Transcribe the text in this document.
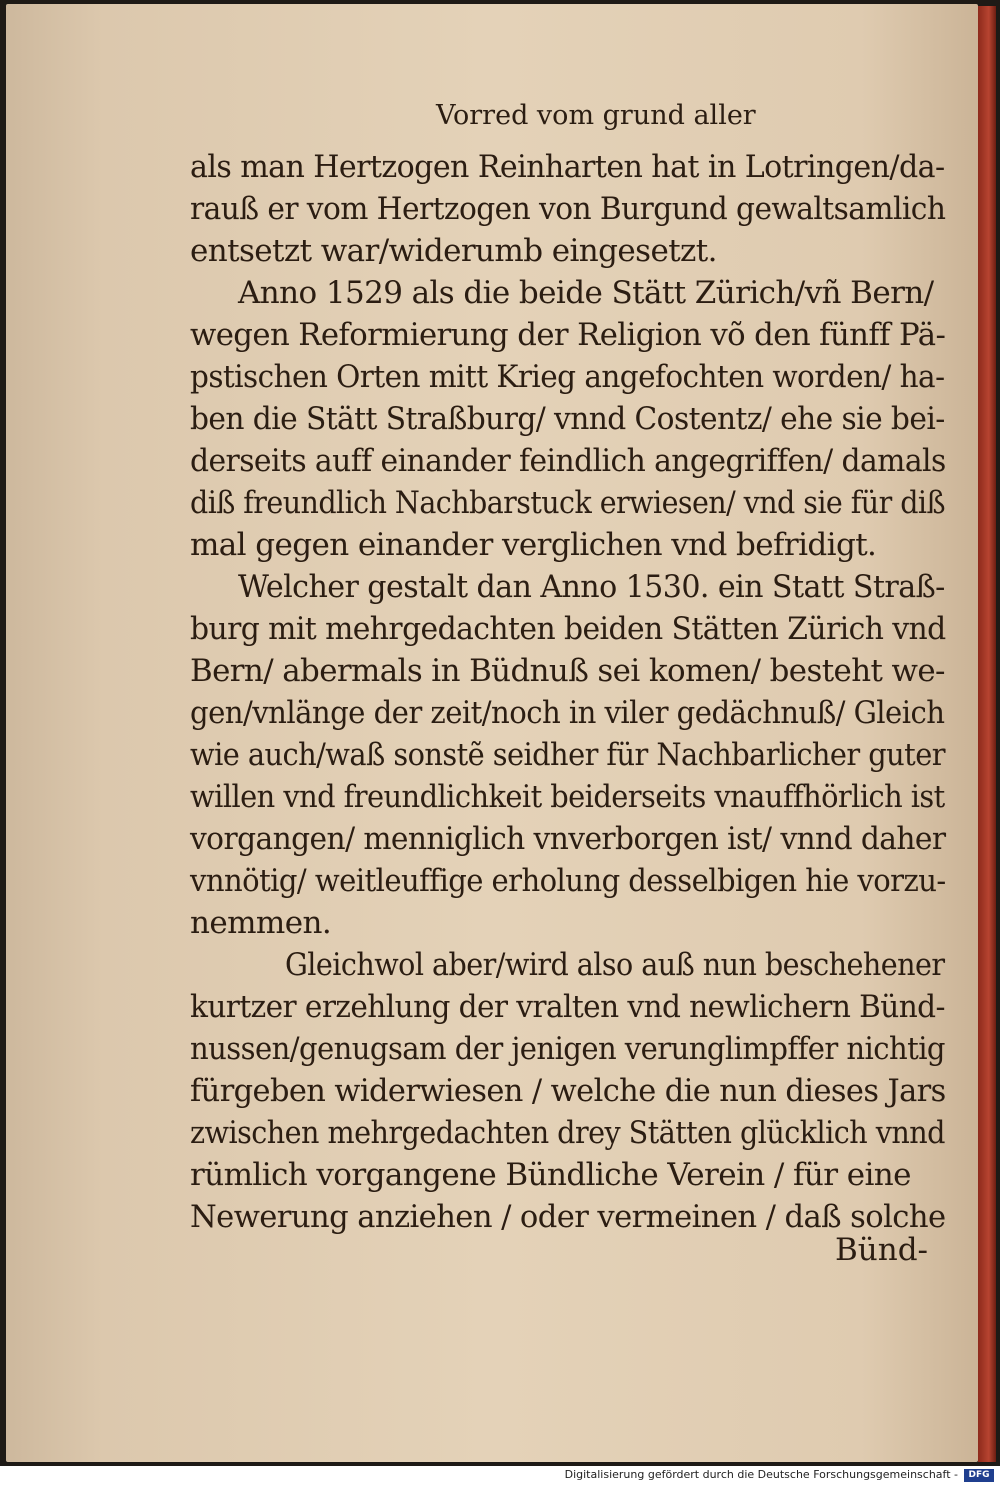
Vorred vom grund aller
als man Hertzogen Reinharten hat in Lotringen/da-
rauß er vom Hertzogen von Burgund gewaltsamlich
entsetzt war/widerumb eingesetzt.
Anno 1529 als die beide Stätt Zürich/vñ Bern/
wegen Reformierung der Religion võ den fünff Pä-
pstischen Orten mitt Krieg angefochten worden/ ha-
ben die Stätt Straßburg/ vnnd Costentz/ ehe sie bei-
derseits auff einander feindlich angegriffen/ damals
diß freundlich Nachbarstuck erwiesen/ vnd sie für diß
mal gegen einander verglichen vnd befridigt.
Welcher gestalt dan Anno 1530. ein Statt Straß-
burg mit mehrgedachten beiden Stätten Zürich vnd
Bern/ abermals in Büdnuß sei komen/ besteht we-
gen/vnlänge der zeit/noch in viler gedächnuß/ Gleich
wie auch/waß sonstẽ seidher für Nachbarlicher guter
willen vnd freundlichkeit beiderseits vnauffhörlich ist
vorgangen/ menniglich vnverborgen ist/ vnnd daher
vnnötig/ weitleuffige erholung desselbigen hie vorzu-
nemmen.
Gleichwol aber/wird also auß nun beschehener
kurtzer erzehlung der vralten vnd newlichern Bünd-
nussen/genugsam der jenigen verunglimpffer nichtig
fürgeben widerwiesen / welche die nun dieses Jars
zwischen mehrgedachten drey Stätten glücklich vnnd
rümlich vorgangene Bündliche Verein / für eine
Newerung anziehen / oder vermeinen / daß solche
Bünd-
Digitalisierung gefördert durch die Deutsche Forschungsgemeinschaft -	DFG
